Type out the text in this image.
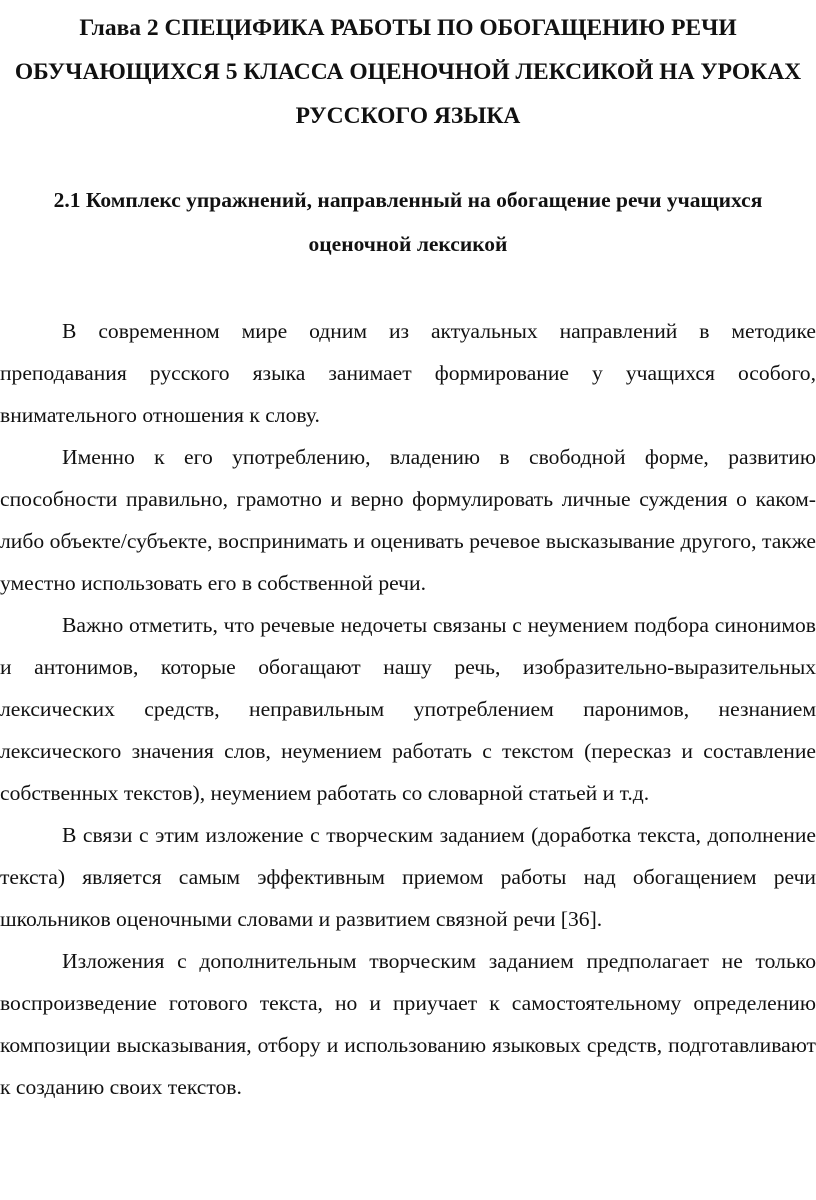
Глава 2 СПЕЦИФИКА РАБОТЫ ПО ОБОГАЩЕНИЮ РЕЧИ ОБУЧАЮЩИХСЯ 5 КЛАССА ОЦЕНОЧНОЙ ЛЕКСИКОЙ НА УРОКАХ РУССКОГО ЯЗЫКА
2.1 Комплекс упражнений, направленный на обогащение речи учащихся оценочной лексикой

В современном мире одним из актуальных направлений в методике преподавания русского языка занимает формирование у учащихся особого, внимательного отношения к слову.

Именно к его употреблению, владению в свободной форме, развитию способности правильно, грамотно и верно формулировать личные суждения о каком-либо объекте/субъекте, воспринимать и оценивать речевое высказывание другого, также уместно использовать его в собственной речи.

Важно отметить, что речевые недочеты связаны с неумением подбора синонимов и антонимов, которые обогащают нашу речь, изобразительно-выразительных лексических средств, неправильным употреблением паронимов, незнанием лексического значения слов, неумением работать с текстом (пересказ и составление собственных текстов), неумением работать со словарной статьей и т.д.

В связи с этим изложение с творческим заданием (доработка текста, дополнение текста) является самым эффективным приемом работы над обогащением речи школьников оценочными словами и развитием связной речи [36].

Изложения с дополнительным творческим заданием предполагает не только воспроизведение готового текста, но и приучает к самостоятельному определению композиции высказывания, отбору и использованию языковых средств, подготавливают к созданию своих текстов.
